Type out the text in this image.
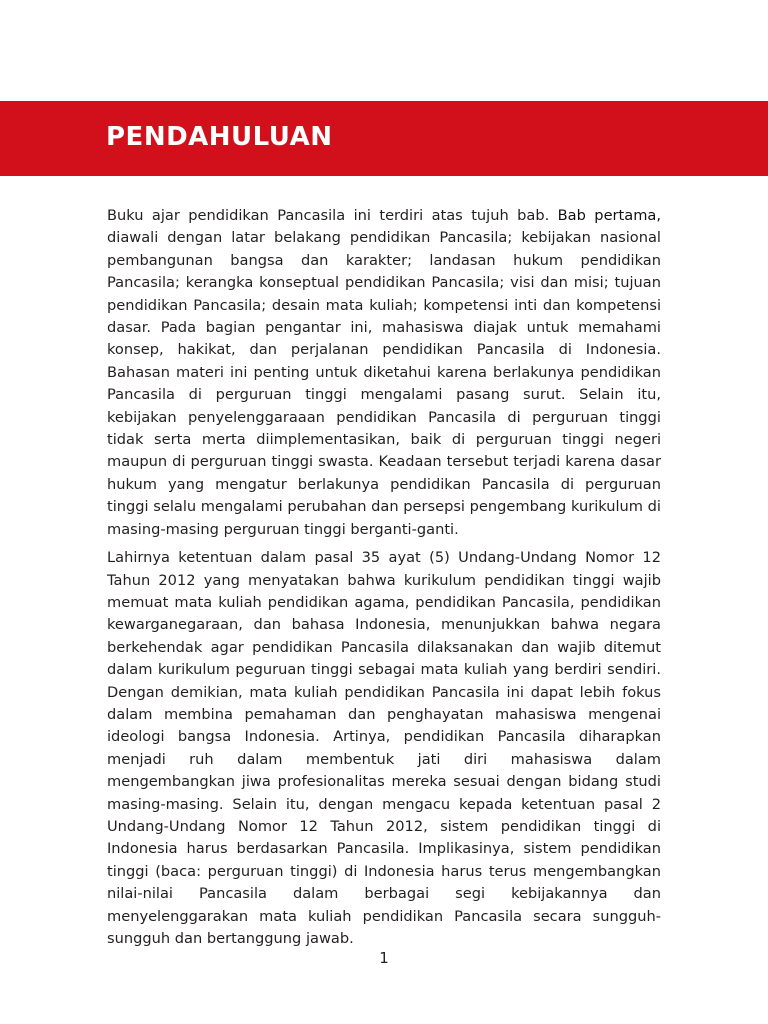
PENDAHULUAN

Buku ajar pendidikan Pancasila ini terdiri atas tujuh bab. Bab pertama, diawali dengan latar belakang pendidikan Pancasila; kebijakan nasional pembangunan bangsa dan karakter; landasan hukum pendidikan Pancasila; kerangka konseptual pendidikan Pancasila; visi dan misi; tujuan pendidikan Pancasila; desain mata kuliah; kompetensi inti dan kompetensi dasar. Pada bagian pengantar ini, mahasiswa diajak untuk memahami konsep, hakikat, dan perjalanan pendidikan Pancasila di Indonesia. Bahasan materi ini penting untuk diketahui karena berlakunya pendidikan Pancasila di perguruan tinggi mengalami pasang surut. Selain itu, kebijakan penyelenggaraaan pendidikan Pancasila di perguruan tinggi tidak serta merta diimplementasikan, baik di perguruan tinggi negeri maupun di perguruan tinggi swasta. Keadaan tersebut terjadi karena dasar hukum yang mengatur berlakunya pendidikan Pancasila di perguruan tinggi selalu mengalami perubahan dan persepsi pengembang kurikulum di masing-masing perguruan tinggi berganti-ganti.

Lahirnya ketentuan dalam pasal 35 ayat (5) Undang-Undang Nomor 12 Tahun 2012 yang menyatakan bahwa kurikulum pendidikan tinggi wajib memuat mata kuliah pendidikan agama, pendidikan Pancasila, pendidikan kewarganegaraan, dan bahasa Indonesia, menunjukkan bahwa negara berkehendak agar pendidikan Pancasila dilaksanakan dan wajib ditemut dalam kurikulum peguruan tinggi sebagai mata kuliah yang berdiri sendiri. Dengan demikian, mata kuliah pendidikan Pancasila ini dapat lebih fokus dalam membina pemahaman dan penghayatan mahasiswa mengenai ideologi bangsa Indonesia. Artinya, pendidikan Pancasila diharapkan menjadi ruh dalam membentuk jati diri mahasiswa dalam mengembangkan jiwa profesionalitas mereka sesuai dengan bidang studi masing-masing. Selain itu, dengan mengacu kepada ketentuan pasal 2 Undang-Undang Nomor 12 Tahun 2012, sistem pendidikan tinggi di Indonesia harus berdasarkan Pancasila. Implikasinya, sistem pendidikan tinggi (baca: perguruan tinggi) di Indonesia harus terus mengembangkan nilai-nilai Pancasila dalam berbagai segi kebijakannya dan menyelenggarakan mata kuliah pendidikan Pancasila secara sungguh-sungguh dan bertanggung jawab.

1
